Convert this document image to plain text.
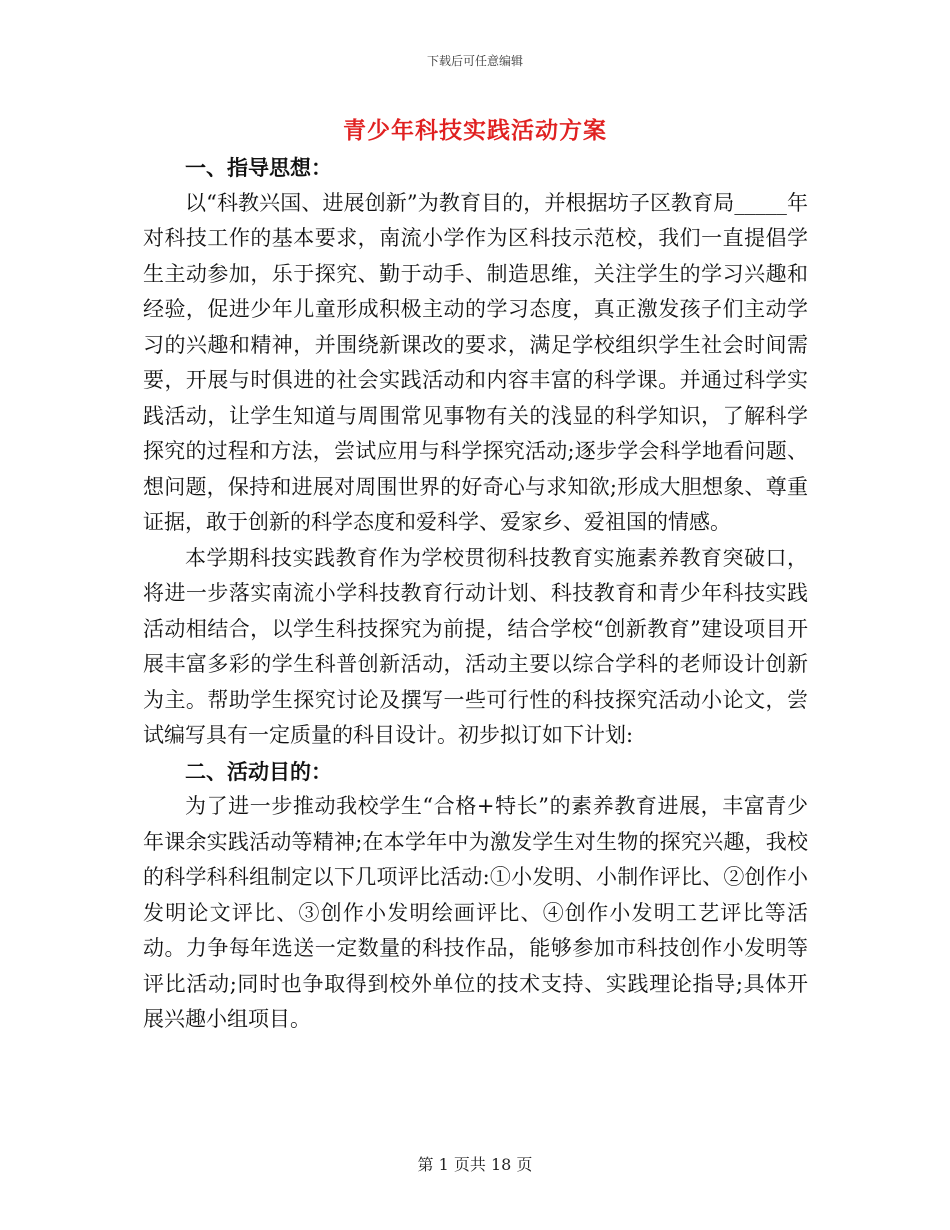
下载后可任意编辑
青少年科技实践活动方案

一、指导思想：

以“科教兴国、进展创新”为教育目的，并根据坊子区教育局_____年对科技工作的基本要求，南流小学作为区科技示范校，我们一直提倡学生主动参加，乐于探究、勤于动手、制造思维，关注学生的学习兴趣和经验，促进少年儿童形成积极主动的学习态度，真正激发孩子们主动学习的兴趣和精神，并围绕新课改的要求，满足学校组织学生社会时间需要，开展与时俱进的社会实践活动和内容丰富的科学课。并通过科学实践活动，让学生知道与周围常见事物有关的浅显的科学知识，了解科学探究的过程和方法，尝试应用与科学探究活动;逐步学会科学地看问题、想问题，保持和进展对周围世界的好奇心与求知欲;形成大胆想象、尊重证据，敢于创新的科学态度和爱科学、爱家乡、爱祖国的情感。

本学期科技实践教育作为学校贯彻科技教育实施素养教育突破口，将进一步落实南流小学科技教育行动计划、科技教育和青少年科技实践活动相结合，以学生科技探究为前提，结合学校“创新教育”建设项目开展丰富多彩的学生科普创新活动，活动主要以综合学科的老师设计创新为主。帮助学生探究讨论及撰写一些可行性的科技探究活动小论文，尝试编写具有一定质量的科目设计。初步拟订如下计划:

二、活动目的：

为了进一步推动我校学生“合格+特长”的素养教育进展，丰富青少年课余实践活动等精神;在本学年中为激发学生对生物的探究兴趣，我校的科学科科组制定以下几项评比活动:①小发明、小制作评比、②创作小发明论文评比、③创作小发明绘画评比、④创作小发明工艺评比等活动。力争每年选送一定数量的科技作品，能够参加市科技创作小发明等评比活动;同时也争取得到校外单位的技术支持、实践理论指导;具体开展兴趣小组项目。

第 1 页共 18 页
